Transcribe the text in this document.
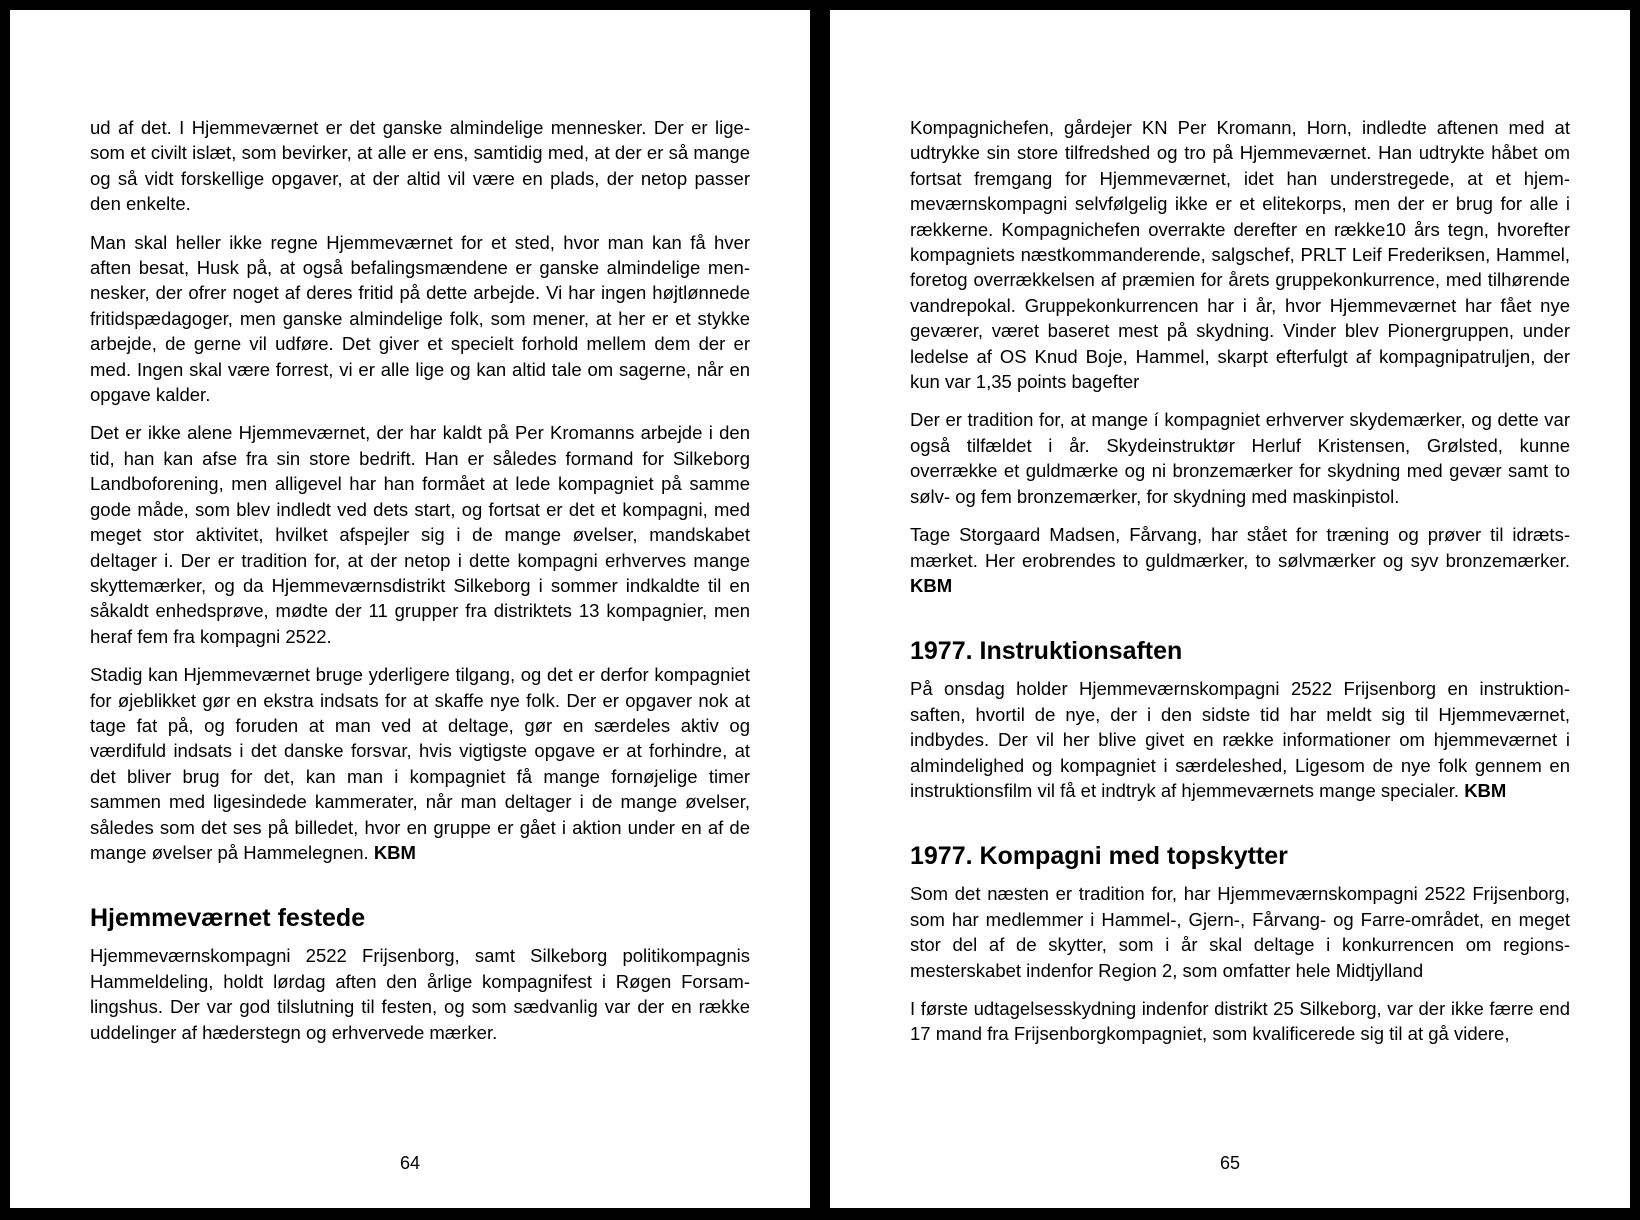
ud af det. I Hjemmeværnet er det ganske almindelige mennesker. Der er ligesom et civilt islæt, som bevirker, at alle er ens, samtidig med, at der er så mange og så vidt forskellige opgaver, at der altid vil være en plads, der netop passer den enkelte.

Man skal heller ikke regne Hjemmeværnet for et sted, hvor man kan få hver aften besat, Husk på, at også befalingsmændene er ganske almindelige mennesker, der ofrer noget af deres fritid på dette arbejde. Vi har ingen højtlønnede fritidspædagoger, men ganske almindelige folk, som mener, at her er et stykke arbejde, de gerne vil udføre. Det giver et specielt forhold mellem dem der er med. Ingen skal være forrest, vi er alle lige og kan altid tale om sagerne, når en opgave kalder.

Det er ikke alene Hjemmeværnet, der har kaldt på Per Kromanns arbejde i den tid, han kan afse fra sin store bedrift. Han er således formand for Silkeborg Landboforening, men alligevel har han formået at lede kompagniet på samme gode måde, som blev indledt ved dets start, og fortsat er det et kompagni, med meget stor aktivitet, hvilket afspejler sig i de mange øvelser, mandskabet deltager i. Der er tradition for, at der netop i dette kompagni erhverves mange skyttemærker, og da Hjemmeværnsdistrikt Silkeborg i sommer indkaldte til en såkaldt enhedsprøve, mødte der 11 grupper fra distriktets 13 kompagnier, men heraf fem fra kompagni 2522.

Stadig kan Hjemmeværnet bruge yderligere tilgang, og det er derfor kompagniet for øjeblikket gør en ekstra indsats for at skaffe nye folk. Der er opgaver nok at tage fat på, og foruden at man ved at deltage, gør en særdeles aktiv og værdifuld indsats i det danske forsvar, hvis vigtigste opgave er at forhindre, at det bliver brug for det, kan man i kompagniet få mange fornøjelige timer sammen med ligesindede kammerater, når man deltager i de mange øvelser, således som det ses på billedet, hvor en gruppe er gået i aktion under en af de mange øvelser på Hammelegnen. KBM

Hjemmeværnet festede

Hjemmeværnskompagni 2522 Frijsenborg, samt Silkeborg politikompagnis Hammeldeling, holdt lørdag aften den årlige kompagnifest i Røgen Forsamlingshus. Der var god tilslutning til festen, og som sædvanlig var der en række uddelinger af hæderstegn og erhvervede mærker.

64

Kompagnichefen, gårdejer KN Per Kromann, Horn, indledte aftenen med at udtrykke sin store tilfredshed og tro på Hjemmeværnet. Han udtrykte håbet om fortsat fremgang for Hjemmeværnet, idet han understregede, at et hjemmeværnskompagni selvfølgelig ikke er et elitekorps, men der er brug for alle i rækkerne. Kompagnichefen overrakte derefter en række10 års tegn, hvorefter kompagniets næstkommanderende, salgschef, PRLT Leif Frederiksen, Hammel, foretog overrækkelsen af præmien for årets gruppekonkurrence, med tilhørende vandrepokal. Gruppekonkurrencen har i år, hvor Hjemmeværnet har fået nye geværer, været baseret mest på skydning. Vinder blev Pionergruppen, under ledelse af OS Knud Boje, Hammel, skarpt efterfulgt af kompagnipatruljen, der kun var 1,35 points bagefter

Der er tradition for, at mange í kompagniet erhverver skydemærker, og dette var også tilfældet i år. Skydeinstruktør Herluf Kristensen, Grølsted, kunne overrække et guldmærke og ni bronzemærker for skydning med gevær samt to sølv- og fem bronzemærker, for skydning med maskinpistol.

Tage Storgaard Madsen, Fårvang, har stået for træning og prøver til idrætsmærket. Her erobrendes to guldmærker, to sølvmærker og syv bronzemærker. KBM

1977. Instruktionsaften

På onsdag holder Hjemmeværnskompagni 2522 Frijsenborg en instruktionsaften, hvortil de nye, der i den sidste tid har meldt sig til Hjemmeværnet, indbydes. Der vil her blive givet en række informationer om hjemmeværnet i almindelighed og kompagniet i særdeleshed, Ligesom de nye folk gennem en instruktionsfilm vil få et indtryk af hjemmeværnets mange specialer. KBM

1977. Kompagni med topskytter

Som det næsten er tradition for, har Hjemmeværnskompagni 2522 Frijsenborg, som har medlemmer i Hammel-, Gjern-, Fårvang- og Farre-området, en meget stor del af de skytter, som i år skal deltage i konkurrencen om regionsmesterskabet indenfor Region 2, som omfatter hele Midtjylland

I første udtagelsesskydning indenfor distrikt 25 Silkeborg, var der ikke færre end 17 mand fra Frijsenborgkompagniet, som kvalificerede sig til at gå videre,

65
